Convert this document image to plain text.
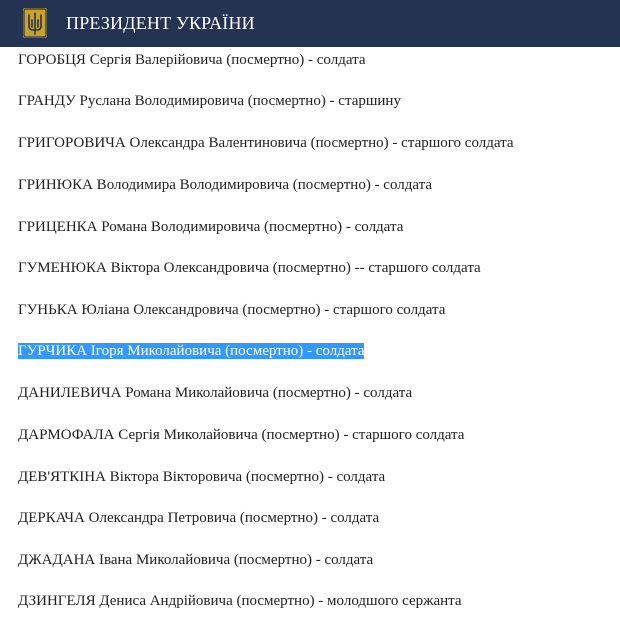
ГОРОБЦЯ Сергія Валерійовича (посмертно) - солдата
ГРАНДУ Руслана Володимировича (посмертно) - старшину
ГРИГОРОВИЧА Олександра Валентиновича (посмертно) - старшого солдата
ГРИНЮКА Володимира Володимировича (посмертно) - солдата
ГРИЦЕНКА Романа Володимировича (посмертно) - солдата
ГУМЕНЮКА Віктора Олександровича (посмертно) -- старшого солдата
ГУНЬКА Юліана Олександровича (посмертно) - старшого солдата
ГУРЧИКА Ігоря Миколайовича (посмертно) - солдата
ДАНИЛЕВИЧА Романа Миколайовича (посмертно) - солдата
ДАРМОФАЛА Сергія Миколайовича (посмертно) - старшого солдата
ДЕВ'ЯТКІНА Віктора Вікторовича (посмертно) - солдата
ДЕРКАЧА Олександра Петровича (посмертно) - солдата
ДЖАДАНА Івана Миколайовича (посмертно) - солдата
ДЗИНГЕЛЯ Дениса Андрійовича (посмертно) - молодшого сержанта
ПРЕЗИДЕНТ УКРАЇНИ
